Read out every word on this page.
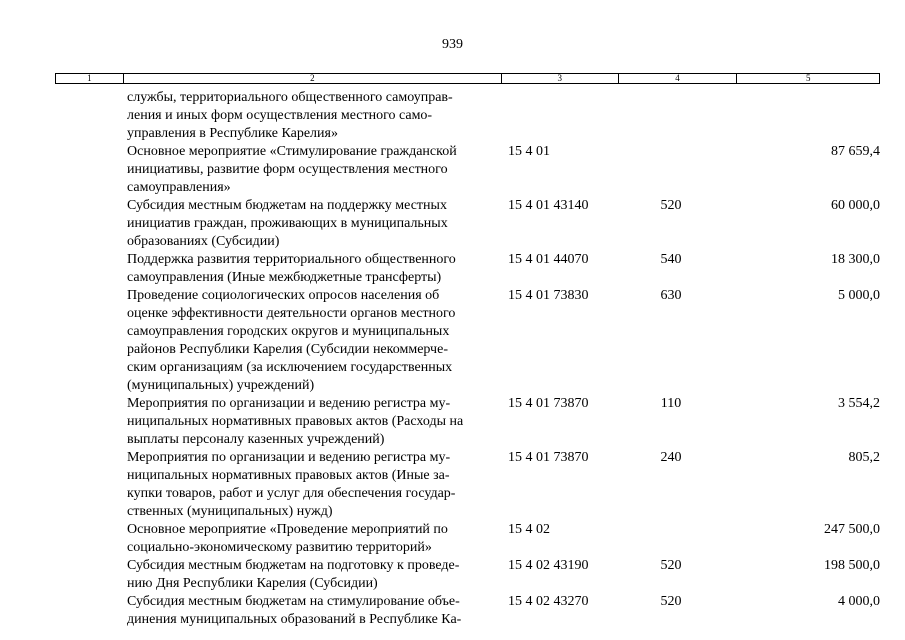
939
1	2	3	4	5
службы, территориального общественного самоуправ-
ления и иных форм осуществления местного само-
управления в Республике Карелия»
Основное мероприятие «Стимулирование гражданской
инициативы, развитие форм осуществления местного
самоуправления»
15 4 01	87 659,4
Субсидия местным бюджетам на поддержку местных
инициатив граждан, проживающих в муниципальных
образованиях (Субсидии)
15 4 01 43140	520	60 000,0
Поддержка развития территориального общественного
самоуправления (Иные межбюджетные трансферты)
15 4 01 44070	540	18 300,0
Проведение социологических опросов населения об
оценке эффективности деятельности органов местного
самоуправления городских округов и муниципальных
районов Республики Карелия (Субсидии некоммерче-
ским организациям (за исключением государственных
(муниципальных) учреждений)
15 4 01 73830	630	5 000,0
Мероприятия по организации и ведению регистра му-
ниципальных нормативных правовых актов (Расходы на
выплаты персоналу казенных учреждений)
15 4 01 73870	110	3 554,2
Мероприятия по организации и ведению регистра му-
ниципальных нормативных правовых актов (Иные за-
купки товаров, работ и услуг для обеспечения государ-
ственных (муниципальных) нужд)
15 4 01 73870	240	805,2
Основное мероприятие «Проведение мероприятий по
социально-экономическому развитию территорий»
15 4 02	247 500,0
Субсидия местным бюджетам на подготовку к проведе-
нию Дня Республики Карелия (Субсидии)
15 4 02 43190	520	198 500,0
Субсидия местным бюджетам на стимулирование объе-
динения муниципальных образований в Республике Ка-
15 4 02 43270	520	4 000,0
